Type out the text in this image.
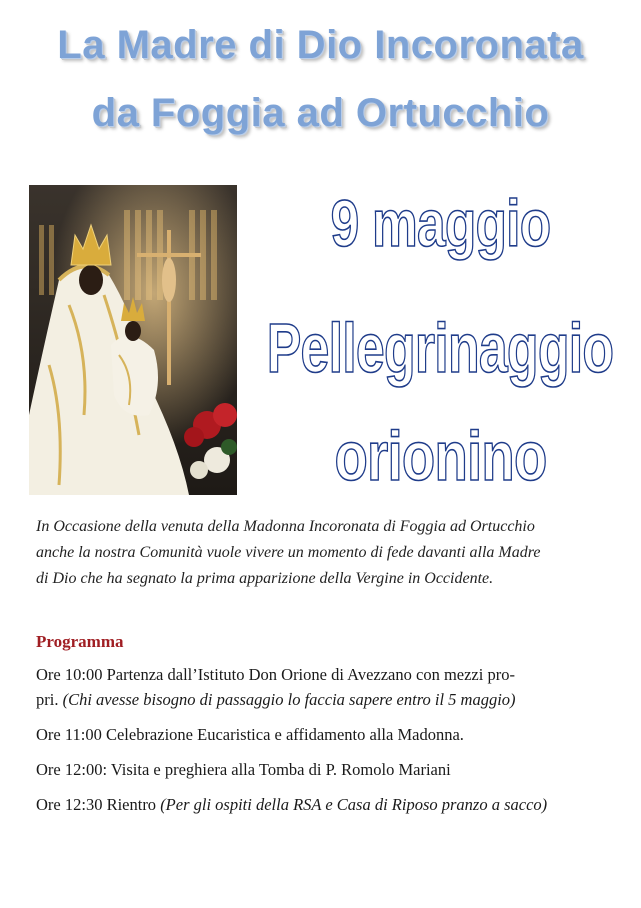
La Madre di Dio Incoronata
da Foggia ad Ortucchio
9 maggio
Pellegrinaggio
orionino
In Occasione della venuta della Madonna Incoronata di Foggia ad Ortucchio
anche la nostra Comunità vuole vivere un momento di fede davanti alla Madre
di Dio che ha segnato la prima apparizione della Vergine in Occidente.
Programma
Ore 10:00 Partenza dall’Istituto Don Orione di Avezzano con mezzi pro-
pri. (Chi avesse bisogno di passaggio lo faccia sapere entro il 5 maggio)
Ore 11:00 Celebrazione Eucaristica e affidamento alla Madonna.
Ore 12:00: Visita e preghiera alla Tomba di P. Romolo Mariani
Ore 12:30 Rientro (Per gli ospiti della RSA e Casa di Riposo pranzo a sacco)
